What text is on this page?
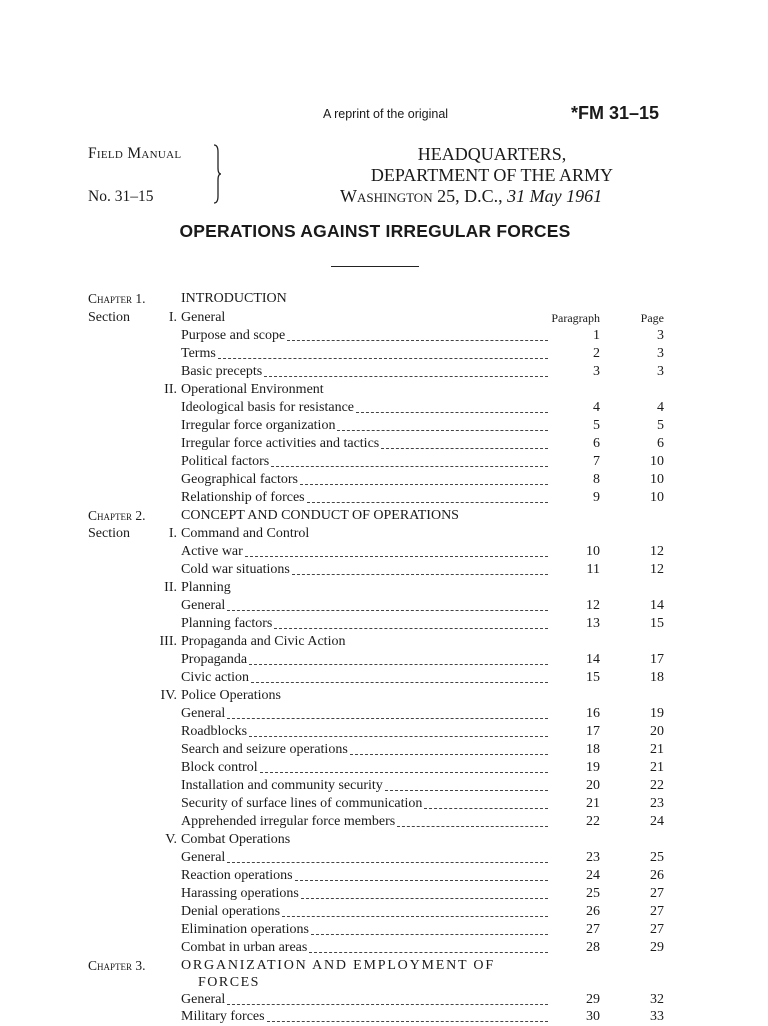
A reprint of the original	*FM 31–15
Field Manual
No. 31–15
HEADQUARTERS,
DEPARTMENT OF THE ARMY
Washington 25, D.C., 31 May 1961
OPERATIONS AGAINST IRREGULAR FORCES
Chapter 1.	INTRODUCTION
Section	I. General	Paragraph	Page
Purpose and scope	1	3
Terms	2	3
Basic precepts	3	3
II. Operational Environment
Ideological basis for resistance	4	4
Irregular force organization	5	5
Irregular force activities and tactics	6	6
Political factors	7	10
Geographical factors	8	10
Relationship of forces	9	10
Chapter 2.	CONCEPT AND CONDUCT OF OPERATIONS
Section	I. Command and Control
Active war	10	12
Cold war situations	11	12
II. Planning
General	12	14
Planning factors	13	15
III. Propaganda and Civic Action
Propaganda	14	17
Civic action	15	18
IV. Police Operations
General	16	19
Roadblocks	17	20
Search and seizure operations	18	21
Block control	19	21
Installation and community security	20	22
Security of surface lines of communication	21	23
Apprehended irregular force members	22	24
V. Combat Operations
General	23	25
Reaction operations	24	26
Harassing operations	25	27
Denial operations	26	27
Elimination operations	27	27
Combat in urban areas	28	29
Chapter 3.	ORGANIZATION AND EMPLOYMENT OF
FORCES
General	29	32
Military forces	30	33
